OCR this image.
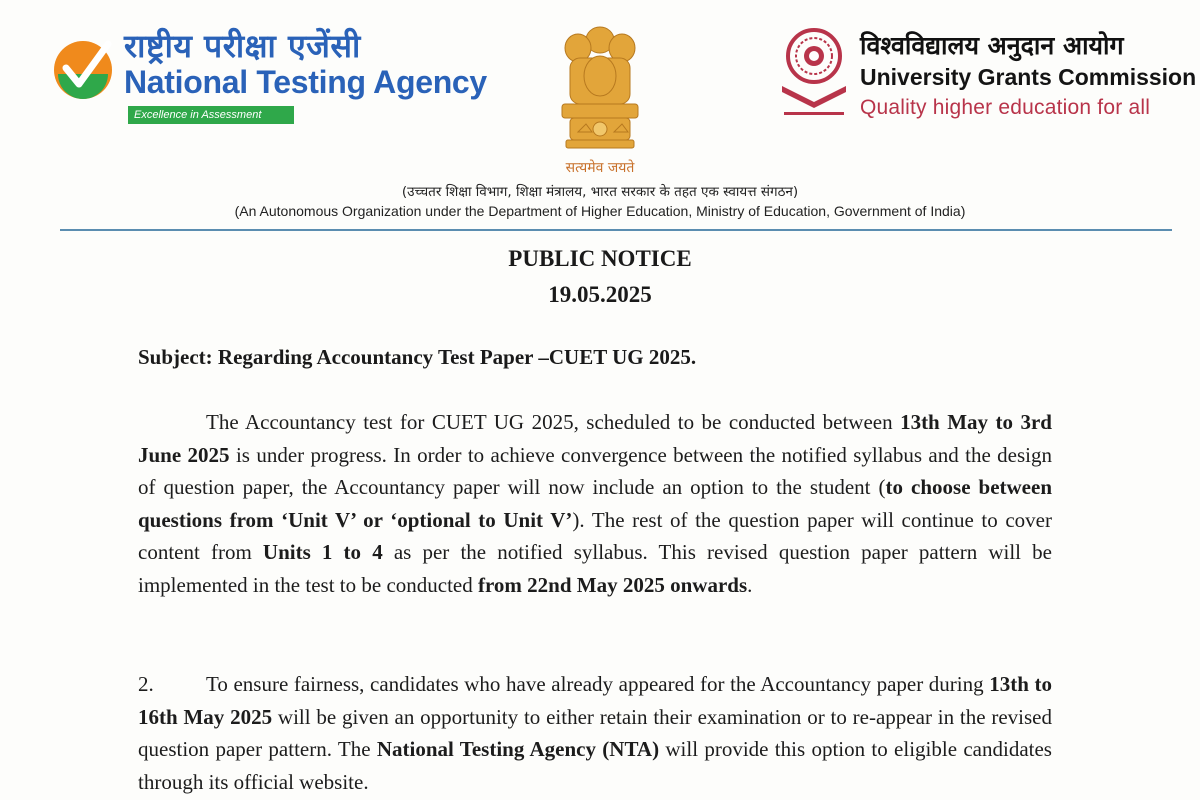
राष्ट्रीय परीक्षा एजेंसी
National Testing Agency
Excellence in Assessment
सत्यमेव जयते
विश्वविद्यालय अनुदान आयोग
University Grants Commission
Quality higher education for all
(उच्चतर शिक्षा विभाग, शिक्षा मंत्रालय, भारत सरकार के तहत एक स्वायत्त संगठन)
(An Autonomous Organization under the Department of Higher Education, Ministry of Education, Government of India)
PUBLIC NOTICE
19.05.2025
Subject: Regarding Accountancy Test Paper –CUET UG 2025.
The Accountancy test for CUET UG 2025, scheduled to be conducted between 13th May to 3rd June 2025 is under progress. In order to achieve convergence between the notified syllabus and the design of question paper, the Accountancy paper will now include an option to the student (to choose between questions from ‘Unit V’ or ‘optional to Unit V’). The rest of the question paper will continue to cover content from Units 1 to 4 as per the notified syllabus. This revised question paper pattern will be implemented in the test to be conducted from 22nd May 2025 onwards.
2. To ensure fairness, candidates who have already appeared for the Accountancy paper during 13th to 16th May 2025 will be given an opportunity to either retain their examination or to re-appear in the revised question paper pattern. The National Testing Agency (NTA) will provide this option to eligible candidates through its official website.
